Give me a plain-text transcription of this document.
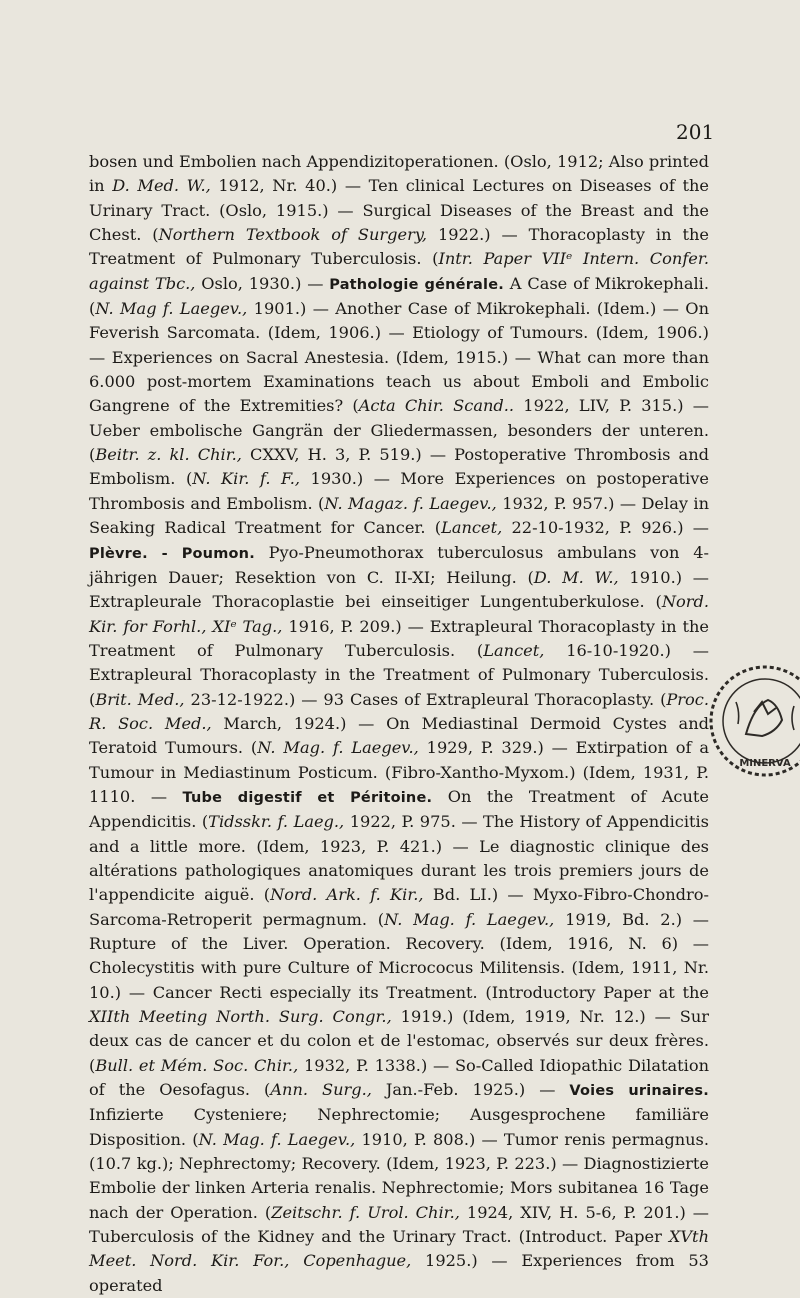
201

bosen und Embolien nach Appendizitoperationen. (Oslo, 1912; Also printed in D. Med. W., 1912, Nr. 40.) — Ten clinical Lectures on Diseases of the Urinary Tract. (Oslo, 1915.) — Surgical Diseases of the Breast and the Chest. (Northern Textbook of Surgery, 1922.) — Thoracoplasty in the Treatment of Pulmonary Tuberculosis. (Intr. Paper VIIᵉ Intern. Confer. against Tbc., Oslo, 1930.) — Pathologie générale. A Case of Mikrokephali. (N. Mag f. Laegev., 1901.) — Another Case of Mikrokephali. (Idem.) — On Feverish Sarcomata. (Idem, 1906.) — Etiology of Tumours. (Idem, 1906.) — Experiences on Sacral Anestesia. (Idem, 1915.) — What can more than 6.000 post-mortem Examinations teach us about Emboli and Embolic Gangrene of the Extremities? (Acta Chir. Scand.. 1922, LIV, P. 315.) — Ueber embolische Gangrän der Gliedermassen, besonders der unteren. (Beitr. z. kl. Chir., CXXV, H. 3, P. 519.) — Postoperative Thrombosis and Embolism. (N. Kir. f. F., 1930.) — More Experiences on postoperative Thrombosis and Embolism. (N. Magaz. f. Laegev., 1932, P. 957.) — Delay in Seaking Radical Treatment for Cancer. (Lancet, 22-10-1932, P. 926.) — Plèvre. - Poumon. Pyo-Pneumothorax tuberculosus ambulans von 4-jährigen Dauer; Resektion von C. II-XI; Heilung. (D. M. W., 1910.) — Extrapleurale Thoracoplastie bei einseitiger Lungentuberkulose. (Nord. Kir. for Forhl., XIᵉ Tag., 1916, P. 209.) — Extrapleural Thoracoplasty in the Treatment of Pulmonary Tuberculosis. (Lancet, 16-10-1920.) — Extrapleural Thoracoplasty in the Treatment of Pulmonary Tuberculosis. (Brit. Med., 23-12-1922.) — 93 Cases of Extrapleural Thoracoplasty. (Proc. R. Soc. Med., March, 1924.) — On Mediastinal Dermoid Cystes and Teratoid Tumours. (N. Mag. f. Laegev., 1929, P. 329.) — Extirpation of a Tumour in Mediastinum Posticum. (Fibro-Xantho-Myxom.) (Idem, 1931, P. 1110. — Tube digestif et Péritoine. On the Treatment of Acute Appendicitis. (Tidsskr. f. Laeg., 1922, P. 975. — The History of Appendicitis and a little more. (Idem, 1923, P. 421.) — Le diagnostic clinique des altérations pathologiques anatomiques durant les trois premiers jours de l'appendicite aiguë. (Nord. Ark. f. Kir., Bd. LI.) — Myxo-Fibro-Chondro-Sarcoma-Retroperit permagnum. (N. Mag. f. Laegev., 1919, Bd. 2.) — Rupture of the Liver. Operation. Recovery. (Idem, 1916, N. 6) — Cholecystitis with pure Culture of Micrococus Militensis. (Idem, 1911, Nr. 10.) — Cancer Recti especially its Treatment. (Introductory Paper at the XIIth Meeting North. Surg. Congr., 1919.) (Idem, 1919, Nr. 12.) — Sur deux cas de cancer et du colon et de l'estomac, observés sur deux frères. (Bull. et Mém. Soc. Chir., 1932, P. 1338.) — So-Called Idiopathic Dilatation of the Oesofagus. (Ann. Surg., Jan.-Feb. 1925.) — Voies urinaires. Infizierte Cysteniere; Nephrectomie; Ausgesprochene familiäre Disposition. (N. Mag. f. Laegev., 1910, P. 808.) — Tumor renis permagnus. (10.7 kg.); Nephrectomy; Recovery. (Idem, 1923, P. 223.) — Diagnostizierte Embolie der linken Arteria renalis. Nephrectomie; Mors subitanea 16 Tage nach der Operation. (Zeitschr. f. Urol. Chir., 1924, XIV, H. 5-6, P. 201.) — Tuberculosis of the Kidney and the Urinary Tract. (Introduct. Paper XVth Meet. Nord. Kir. For., Copenhague, 1925.) — Experiences from 53 operated

MINERVA
